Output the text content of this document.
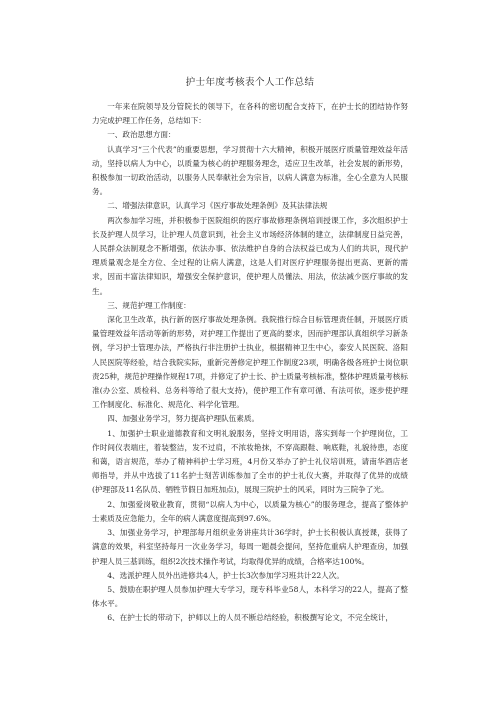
护士年度考核表个人工作总结

一年来在院领导及分管院长的领导下，在各科的密切配合支持下，在护士长的团结协作努力完成护理工作任务，总结如下：

一、政治思想方面：

认真学习“三个代表”的重要思想，学习贯彻十六大精神，积极开展医疗质量管理效益年活动，坚持以病人为中心，以质量为核心的护理服务理念，适应卫生改革，社会发展的新形势，积极参加一切政治活动，以服务人民奉献社会为宗旨，以病人满意为标准，全心全意为人民服务。

二、增强法律意识，认真学习《医疗事故处理条例》及其法律法规

两次参加学习班，并积极参于医院组织的医疗事故修理条例培训授课工作，多次组织护士长及护理人员学习，让护理人员意识到，社会主义市场经济体制的建立，法律制度日益完善，人民群众法制观念不断增强，依法办事、依法维护自身的合法权益已成为人们的共识，现代护理质量观念是全方位、全过程的让病人满意，这是人们对医疗护理服务提出更高、更新的需求，因而丰富法律知识，增强安全保护意识，使护理人员懂法、用法，依法减少医疗事故的发生。

三、规范护理工作制度：

深化卫生改革，执行新的医疗事故处理条例。我院推行综合目标管理责任制，开展医疗质量管理效益年活动等新的形势，对护理工作提出了更高的要求，因而护理部认真组织学习新条例，学习护士管理办法，严格执行非注册护士执业，根据精神卫生中心，泰安人民医院、洛阳人民医院等经验，结合我院实际，重新完善修定护理工作制度23项，明确各级各班护士岗位职责25种，规范护理操作规程17项，并修定了护士长、护士质量考核标准，整体护理质量考核标准(办公室、质检科、总务科等给了很大支持)，使护理工作有章可循、有法可依，逐步使护理工作制度化、标准化、规范化、科学化管理。

四、加强业务学习，努力提高护理队伍素质。

1、加强护士职业道德教育和文明礼貌服务，坚持文明用语，落实到每一个护理岗位，工作时间仪表端庄，着装整洁，发不过肩，不浓妆艳抹，不穿高跟鞋、响底鞋，礼貌待患，态度和蔼，语言规范，举办了精神科护士学习班，4月份又举办了护士礼仪培训班，请南华酒店老师指导，并从中选拔了11名护士刻苦训练参加了全市的护士礼仪大赛，并取得了优异的成绩(护理部及11名队员、牺牲节假日加班加点)，展现三院护士的风采，同时为三院争了光。

2、加强爱岗敬业教育，贯彻“以病人为中心，以质量为核心”的服务理念，提高了整体护士素质及应急能力，全年的病人满意度提高到97.6%。

3、加强业务学习，护理部每月组织业务讲座共计36学时，护士长积极认真授课，获得了满意的效果，科室坚持每月一次业务学习，每周一题晨会提问，坚持危重病人护理查房，加强护理人员三基训练，组织2次技术操作考试，均取得优异的成绩，合格率达100%。

4、选派护理人员外出进修共4人，护士长3次参加学习班共计22人次。

5、鼓励在职护理人员参加护理大专学习，现专科毕业58人，本科学习的22人，提高了整体水平。

6、在护士长的带动下，护师以上的人员不断总结经验，积极撰写论文，不完全统计，
